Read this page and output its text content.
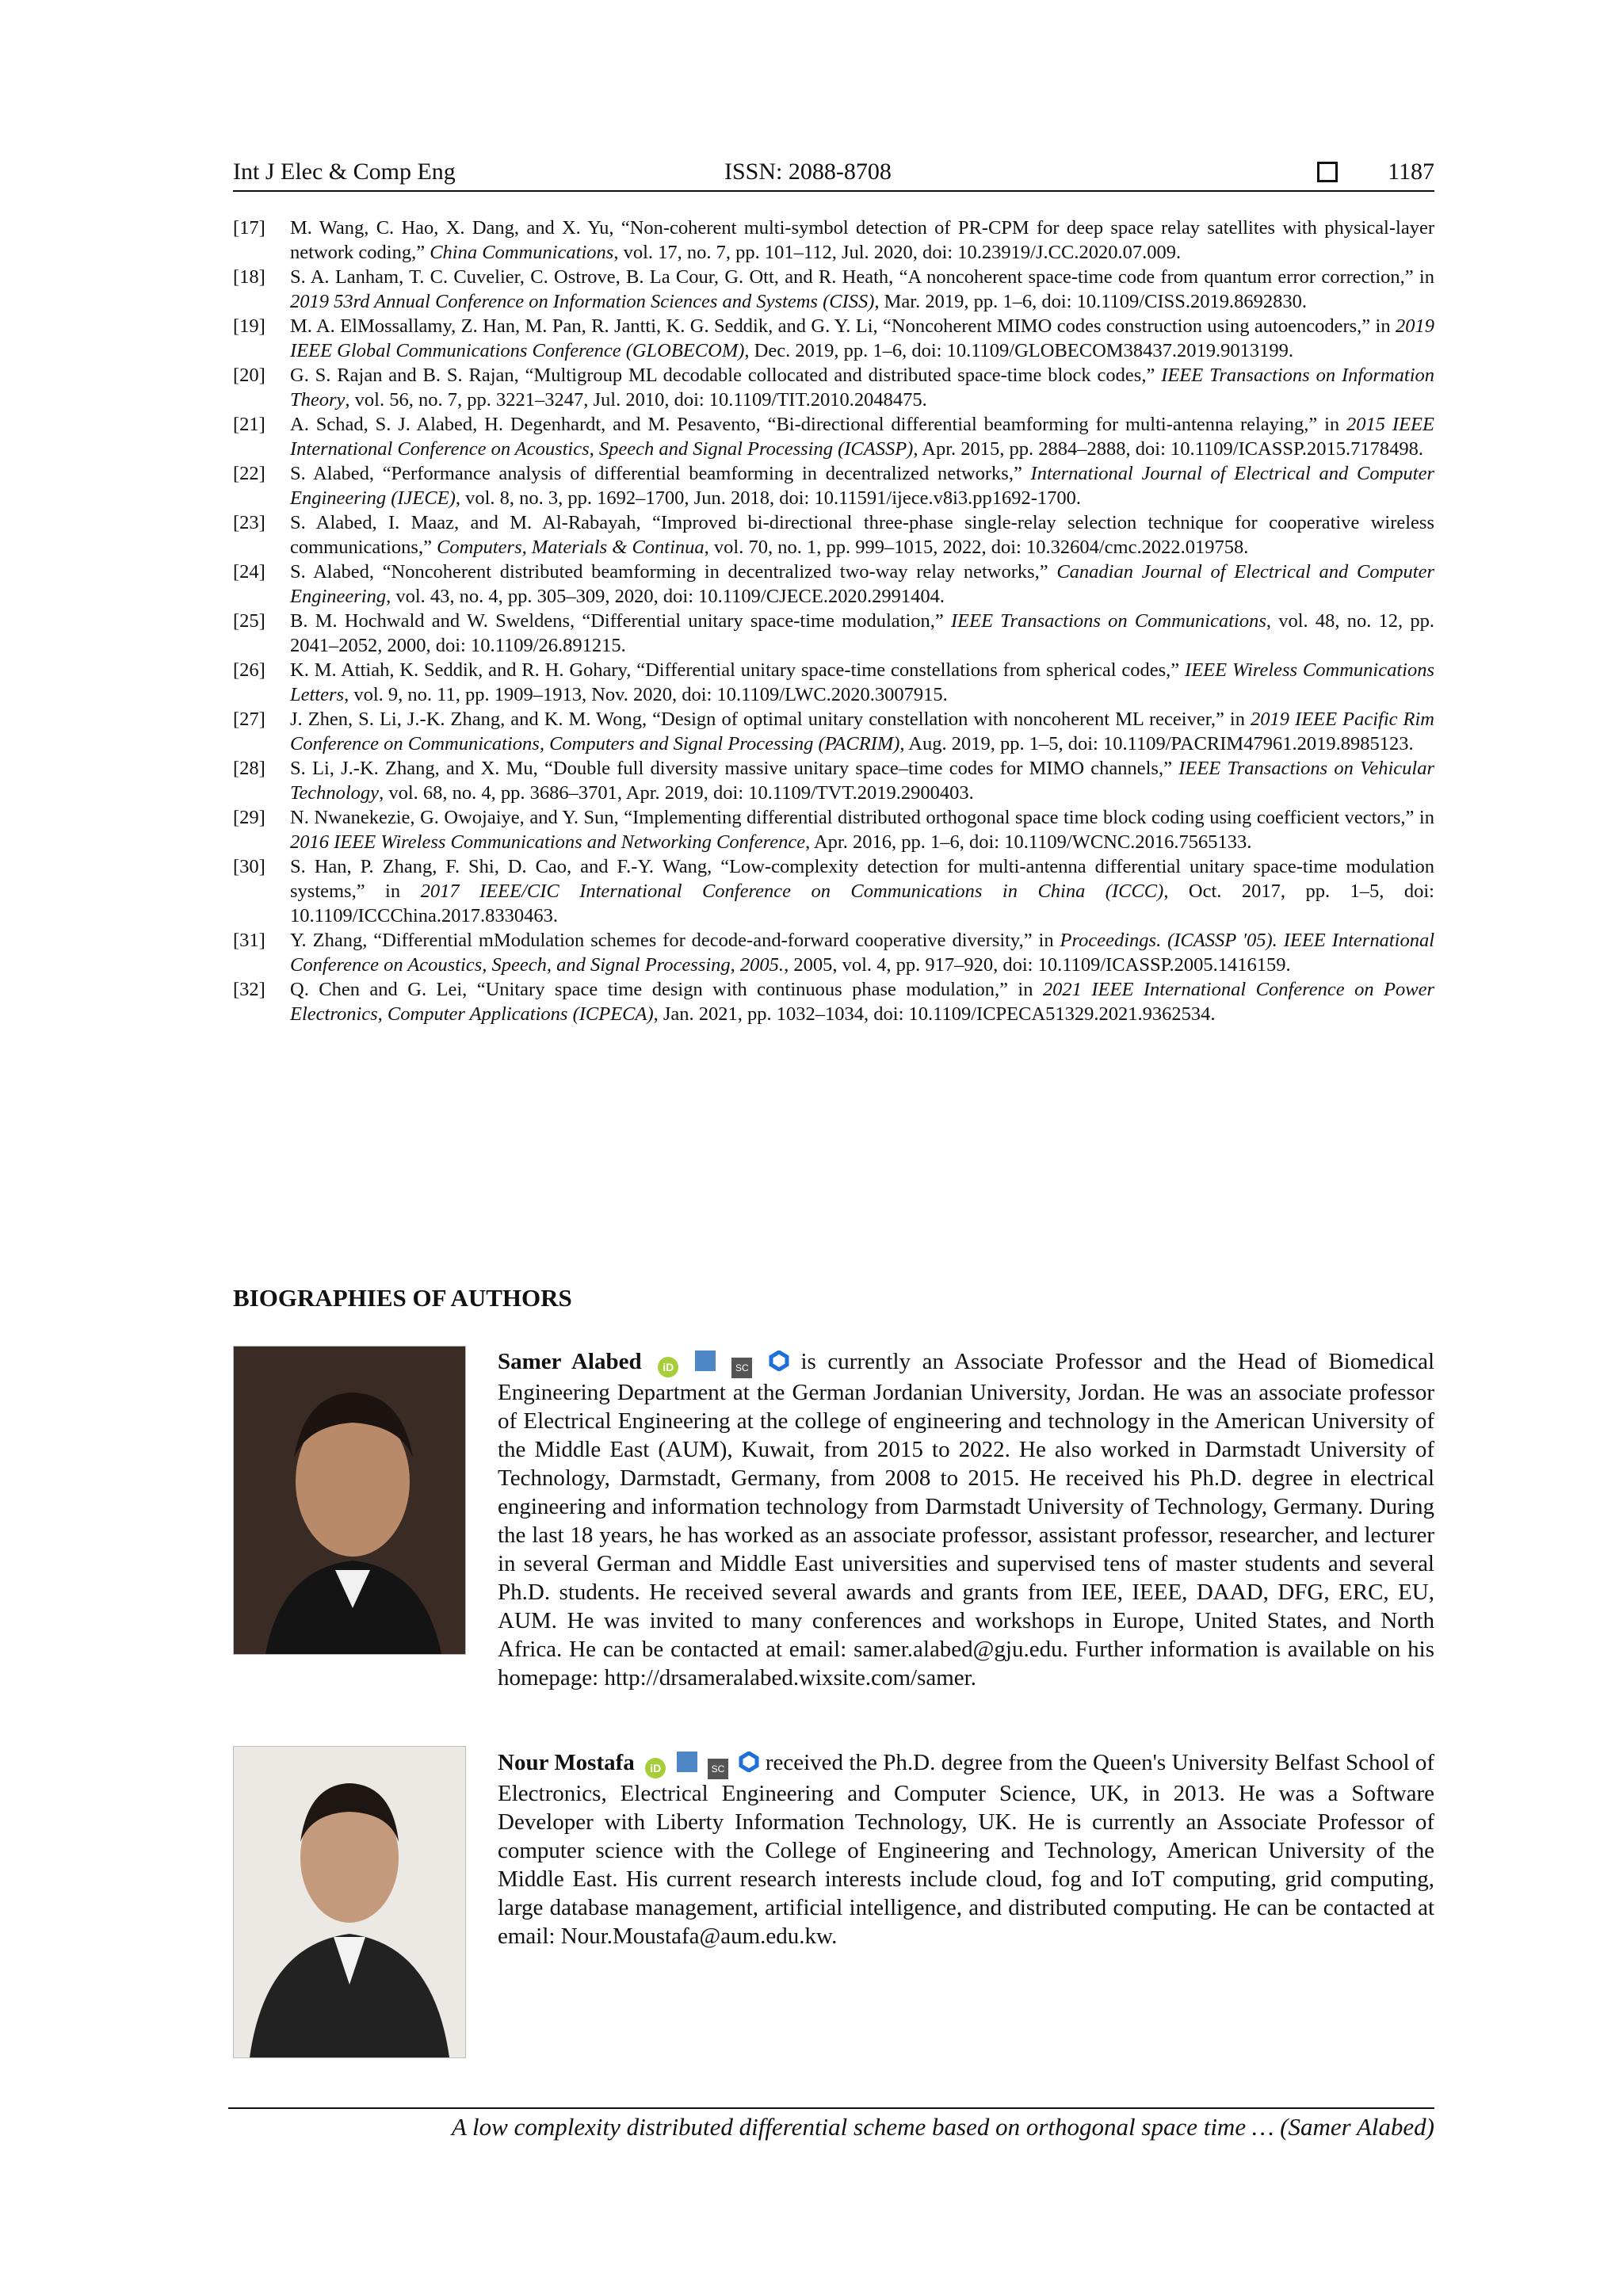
Int J Elec & Comp Eng	ISSN: 2088-8708	1187
[17] M. Wang, C. Hao, X. Dang, and X. Yu, “Non-coherent multi-symbol detection of PR-CPM for deep space relay satellites with physical-layer network coding,” China Communications, vol. 17, no. 7, pp. 101–112, Jul. 2020, doi: 10.23919/J.CC.2020.07.009.
[18] S. A. Lanham, T. C. Cuvelier, C. Ostrove, B. La Cour, G. Ott, and R. Heath, “A noncoherent space-time code from quantum error correction,” in 2019 53rd Annual Conference on Information Sciences and Systems (CISS), Mar. 2019, pp. 1–6, doi: 10.1109/CISS.2019.8692830.
[19] M. A. ElMossallamy, Z. Han, M. Pan, R. Jantti, K. G. Seddik, and G. Y. Li, “Noncoherent MIMO codes construction using autoencoders,” in 2019 IEEE Global Communications Conference (GLOBECOM), Dec. 2019, pp. 1–6, doi: 10.1109/GLOBECOM38437.2019.9013199.
[20] G. S. Rajan and B. S. Rajan, “Multigroup ML decodable collocated and distributed space-time block codes,” IEEE Transactions on Information Theory, vol. 56, no. 7, pp. 3221–3247, Jul. 2010, doi: 10.1109/TIT.2010.2048475.
[21] A. Schad, S. J. Alabed, H. Degenhardt, and M. Pesavento, “Bi-directional differential beamforming for multi-antenna relaying,” in 2015 IEEE International Conference on Acoustics, Speech and Signal Processing (ICASSP), Apr. 2015, pp. 2884–2888, doi: 10.1109/ICASSP.2015.7178498.
[22] S. Alabed, “Performance analysis of differential beamforming in decentralized networks,” International Journal of Electrical and Computer Engineering (IJECE), vol. 8, no. 3, pp. 1692–1700, Jun. 2018, doi: 10.11591/ijece.v8i3.pp1692-1700.
[23] S. Alabed, I. Maaz, and M. Al-Rabayah, “Improved bi-directional three-phase single-relay selection technique for cooperative wireless communications,” Computers, Materials & Continua, vol. 70, no. 1, pp. 999–1015, 2022, doi: 10.32604/cmc.2022.019758.
[24] S. Alabed, “Noncoherent distributed beamforming in decentralized two-way relay networks,” Canadian Journal of Electrical and Computer Engineering, vol. 43, no. 4, pp. 305–309, 2020, doi: 10.1109/CJECE.2020.2991404.
[25] B. M. Hochwald and W. Sweldens, “Differential unitary space-time modulation,” IEEE Transactions on Communications, vol. 48, no. 12, pp. 2041–2052, 2000, doi: 10.1109/26.891215.
[26] K. M. Attiah, K. Seddik, and R. H. Gohary, “Differential unitary space-time constellations from spherical codes,” IEEE Wireless Communications Letters, vol. 9, no. 11, pp. 1909–1913, Nov. 2020, doi: 10.1109/LWC.2020.3007915.
[27] J. Zhen, S. Li, J.-K. Zhang, and K. M. Wong, “Design of optimal unitary constellation with noncoherent ML receiver,” in 2019 IEEE Pacific Rim Conference on Communications, Computers and Signal Processing (PACRIM), Aug. 2019, pp. 1–5, doi: 10.1109/PACRIM47961.2019.8985123.
[28] S. Li, J.-K. Zhang, and X. Mu, “Double full diversity massive unitary space–time codes for MIMO channels,” IEEE Transactions on Vehicular Technology, vol. 68, no. 4, pp. 3686–3701, Apr. 2019, doi: 10.1109/TVT.2019.2900403.
[29] N. Nwanekezie, G. Owojaiye, and Y. Sun, “Implementing differential distributed orthogonal space time block coding using coefficient vectors,” in 2016 IEEE Wireless Communications and Networking Conference, Apr. 2016, pp. 1–6, doi: 10.1109/WCNC.2016.7565133.
[30] S. Han, P. Zhang, F. Shi, D. Cao, and F.-Y. Wang, “Low-complexity detection for multi-antenna differential unitary space-time modulation systems,” in 2017 IEEE/CIC International Conference on Communications in China (ICCC), Oct. 2017, pp. 1–5, doi: 10.1109/ICCChina.2017.8330463.
[31] Y. Zhang, “Differential mModulation schemes for decode-and-forward cooperative diversity,” in Proceedings. (ICASSP '05). IEEE International Conference on Acoustics, Speech, and Signal Processing, 2005., 2005, vol. 4, pp. 917–920, doi: 10.1109/ICASSP.2005.1416159.
[32] Q. Chen and G. Lei, “Unitary space time design with continuous phase modulation,” in 2021 IEEE International Conference on Power Electronics, Computer Applications (ICPECA), Jan. 2021, pp. 1032–1034, doi: 10.1109/ICPECA51329.2021.9362534.
BIOGRAPHIES OF AUTHORS
Samer Alabed iD	SC  is currently an Associate Professor and the Head of Biomedical Engineering Department at the German Jordanian University, Jordan. He was an associate professor of Electrical Engineering at the college of engineering and technology in the American University of the Middle East (AUM), Kuwait, from 2015 to 2022. He also worked in Darmstadt University of Technology, Darmstadt, Germany, from 2008 to 2015. He received his Ph.D. degree in electrical engineering and information technology from Darmstadt University of Technology, Germany. During the last 18 years, he has worked as an associate professor, assistant professor, researcher, and lecturer in several German and Middle East universities and supervised tens of master students and several Ph.D. students. He received several awards and grants from IEE, IEEE, DAAD, DFG, ERC, EU, AUM. He was invited to many conferences and workshops in Europe, United States, and North Africa. He can be contacted at email: samer.alabed@gju.edu. Further information is available on his homepage: http://drsameralabed.wixsite.com/samer.
Nour Mostafa iD	SC  received the Ph.D. degree from the Queen's University Belfast School of Electronics, Electrical Engineering and Computer Science, UK, in 2013. He was a Software Developer with Liberty Information Technology, UK. He is currently an Associate Professor of computer science with the College of Engineering and Technology, American University of the Middle East. His current research interests include cloud, fog and IoT computing, grid computing, large database management, artificial intelligence, and distributed computing. He can be contacted at email: Nour.Moustafa@aum.edu.kw.
A low complexity distributed differential scheme based on orthogonal space time … (Samer Alabed)
